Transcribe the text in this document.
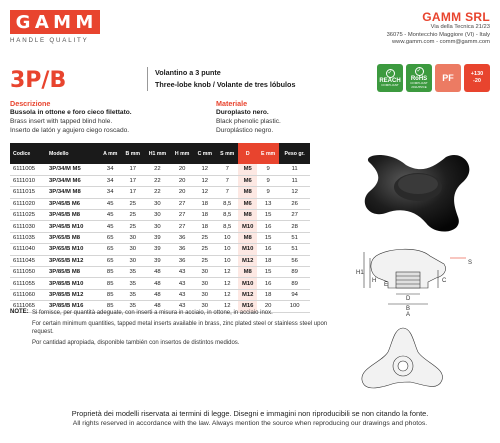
G A M M
HANDLE QUALITY
GAMM SRL
Via della Tecnica 21/23
36075 - Montecchio Maggiore (VI) - Italy
www.gamm.com - comm@gamm.com
3P/B	Volantino a 3 punte
Three-lobe knob / Volante de tres lóbulos
✓
REACH
COMPLIANT
✓
RoHS
COMPLIANT 2011/65/CE
PF	+130
-20
Descrizione
Bussola in ottone e foro cieco filettato.
Brass insert with tapped blind hole.
Inserto de latón y agujero ciego roscado.
Materiale
Duroplasto nero.
Black phenolic plastic.
Duroplástico negro.
Codice	Modello	A mm	B mm	H1 mm	H mm	C mm	S mm	D	E mm	Peso gr.
6111005	3P/34/M M5	34	17	22	20	12	7	M5	9	11
6111010	3P/34/M M6	34	17	22	20	12	7	M6	9	11
6111015	3P/34/M M8	34	17	22	20	12	7	M8	9	12
6111020	3P/45/B M6	45	25	30	27	18	8,5	M6	13	26
6111025	3P/45/B M8	45	25	30	27	18	8,5	M8	15	27
6111030	3P/45/B M10	45	25	30	27	18	8,5	M10	16	28
6111035	3P/65/B M8	65	30	39	36	25	10	M8	15	51
6111040	3P/65/B M10	65	30	39	36	25	10	M10	16	51
6111045	3P/65/B M12	65	30	39	36	25	10	M12	18	56
6111050	3P/85/B M8	85	35	48	43	30	12	M8	15	89
6111055	3P/85/B M10	85	35	48	43	30	12	M10	16	89
6111060	3P/85/B M12	85	35	48	43	30	12	M12	18	94
6111065	3P/85/B M16	85	35	48	43	30	12	M16	20	100
H1
H
E
D
B
C
S
A
NOTE: Si fornisce, per quantità adeguate, con inserti a misura in acciaio, in ottone, in acciaio inox.
For certain minimum quantities, tapped metal inserts available in brass, zinc plated steel or stainless steel upon request.
Por cantidad apropiada, disponible también con insertos de distintos medidos.
Proprietà dei modelli riservata ai termini di legge. Disegni e immagini non riproducibili se non citando la fonte.
All rights reserved in accordance with the law. Always mention the source when reproducing our drawings and photos.
